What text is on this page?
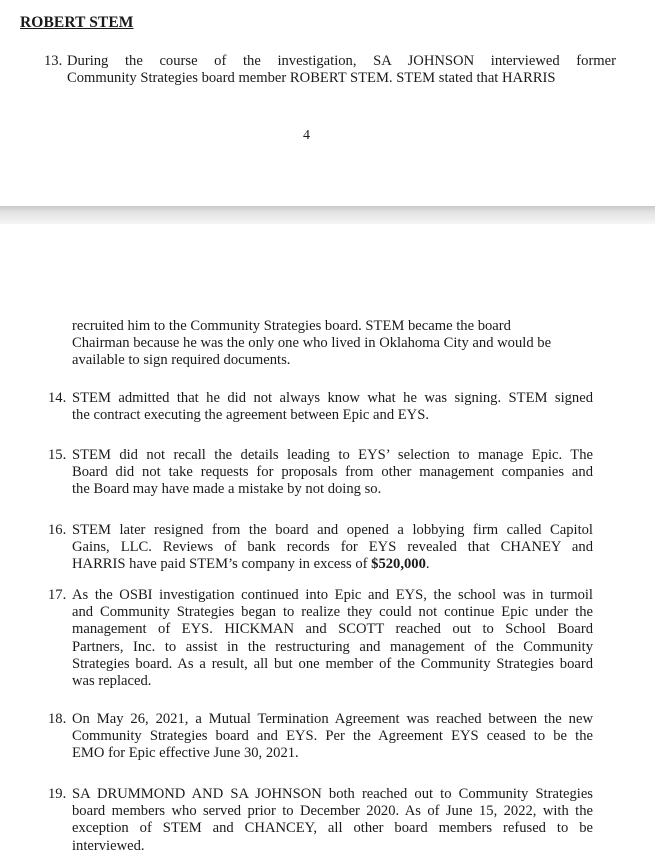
ROBERT STEM
13. During the course of the investigation, SA JOHNSON interviewed former
Community Strategies board member ROBERT STEM. STEM stated that HARRIS
4
recruited him to the Community Strategies board. STEM became the board
Chairman because he was the only one who lived in Oklahoma City and would be
available to sign required documents.
14. STEM admitted that he did not always know what he was signing. STEM signed
the contract executing the agreement between Epic and EYS.
15. STEM did not recall the details leading to EYS’ selection to manage Epic. The
Board did not take requests for proposals from other management companies and
the Board may have made a mistake by not doing so.
16. STEM later resigned from the board and opened a lobbying firm called Capitol
Gains, LLC. Reviews of bank records for EYS revealed that CHANEY and
HARRIS have paid STEM’s company in excess of $520,000.
17. As the OSBI investigation continued into Epic and EYS, the school was in turmoil
and Community Strategies began to realize they could not continue Epic under the
management of EYS. HICKMAN and SCOTT reached out to School Board
Partners, Inc. to assist in the restructuring and management of the Community
Strategies board. As a result, all but one member of the Community Strategies board
was replaced.
18. On May 26, 2021, a Mutual Termination Agreement was reached between the new
Community Strategies board and EYS. Per the Agreement EYS ceased to be the
EMO for Epic effective June 30, 2021.
19. SA DRUMMOND AND SA JOHNSON both reached out to Community Strategies
board members who served prior to December 2020. As of June 15, 2022, with the
exception of STEM and CHANCEY, all other board members refused to be
interviewed.
